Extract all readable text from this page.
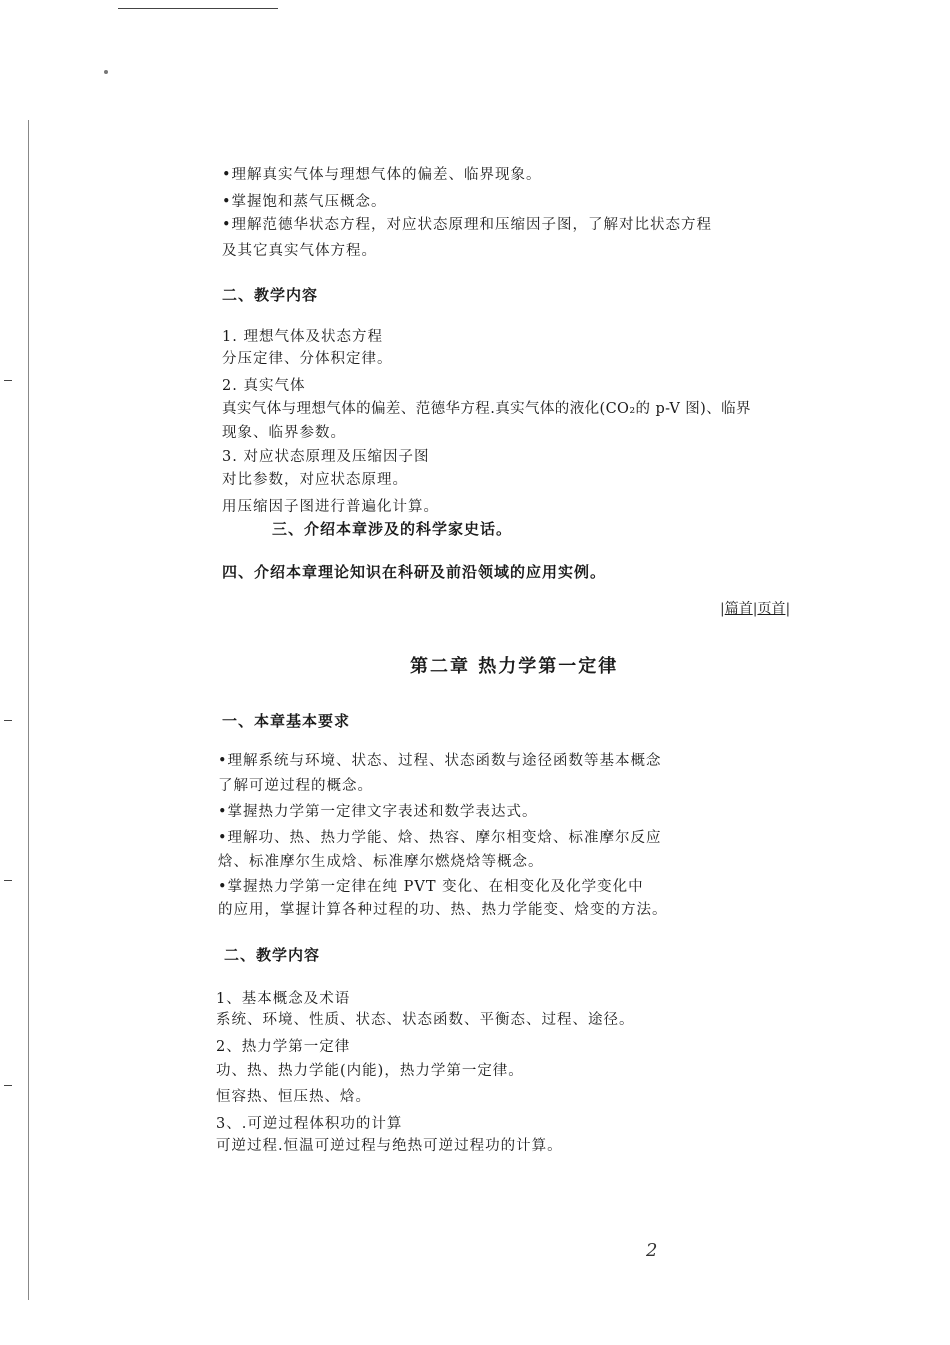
•理解真实气体与理想气体的偏差、临界现象。
•掌握饱和蒸气压概念。
•理解范德华状态方程，对应状态原理和压缩因子图，了解对比状态方程
及其它真实气体方程。
二、教学内容
1. 理想气体及状态方程
分压定律、分体积定律。
2. 真实气体
真实气体与理想气体的偏差、范德华方程.真实气体的液化(CO₂的 p-V 图)、临界
现象、临界参数。
3. 对应状态原理及压缩因子图
对比参数，对应状态原理。
用压缩因子图进行普遍化计算。
三、介绍本章涉及的科学家史话。
四、介绍本章理论知识在科研及前沿领域的应用实例。
|篇首|页首|
第二章 热力学第一定律
一、本章基本要求
•理解系统与环境、状态、过程、状态函数与途径函数等基本概念
了解可逆过程的概念。
•掌握热力学第一定律文字表述和数学表达式。
•理解功、热、热力学能、焓、热容、摩尔相变焓、标准摩尔反应
焓、标准摩尔生成焓、标准摩尔燃烧焓等概念。
•掌握热力学第一定律在纯 PVT 变化、在相变化及化学变化中
的应用，掌握计算各种过程的功、热、热力学能变、焓变的方法。
二、教学内容
1、基本概念及术语
系统、环境、性质、状态、状态函数、平衡态、过程、途径。
2、热力学第一定律
功、热、热力学能(内能)，热力学第一定律。
恒容热、恒压热、焓。
3、.可逆过程体积功的计算
可逆过程.恒温可逆过程与绝热可逆过程功的计算。
2
